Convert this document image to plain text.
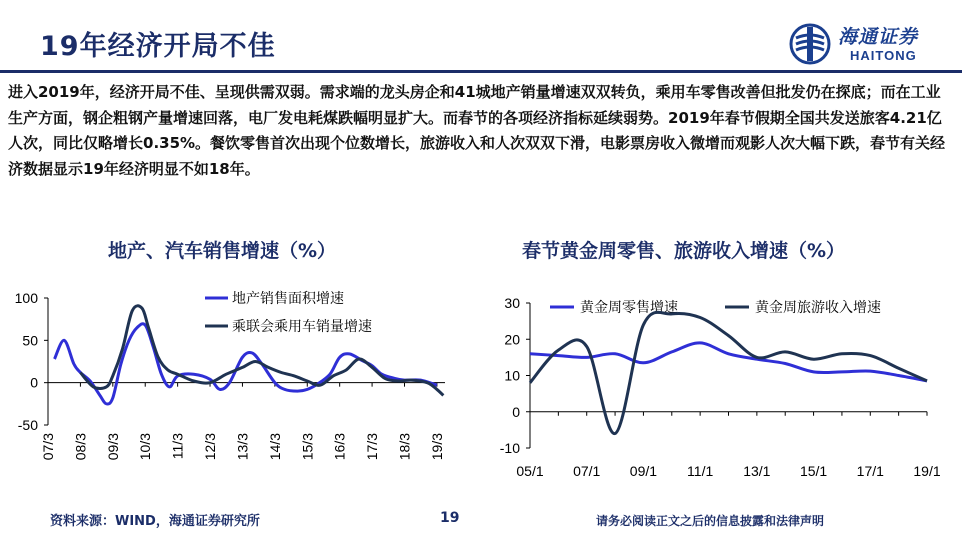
19年经济开局不佳	海通证券
HAITONG
进入2019年，经济开局不佳、呈现供需双弱。需求端的龙头房企和41城地产销量增速双双转负，乘用车零售改善但批发仍在探底；而在工业生产方面，钢企粗钢产量增速回落，电厂发电耗煤跌幅明显扩大。而春节的各项经济指标延续弱势。2019年春节假期全国共发送旅客4.21亿人次，同比仅略增长0.35%。餐饮零售首次出现个位数增长，旅游收入和人次双双下滑，电影票房收入微增而观影人次大幅下跌，春节有关经济数据显示19年经济明显不如18年。
地产、汽车销售增速（%）
100
50
0
-50
07/3 08/3 09/3 10/3 11/3 12/3 13/3 14/3 15/3 16/3 17/3 18/3 19/3
地产销售面积增速
乘联会乘用车销量增速
春节黄金周零售、旅游收入增速（%）
30
20
10
0
-10
05/1 07/1 09/1 11/1 13/1 15/1 17/1 19/1
黄金周零售增速	黄金周旅游收入增速
资料来源：WIND，海通证券研究所	19	请务必阅读正文之后的信息披露和法律声明
